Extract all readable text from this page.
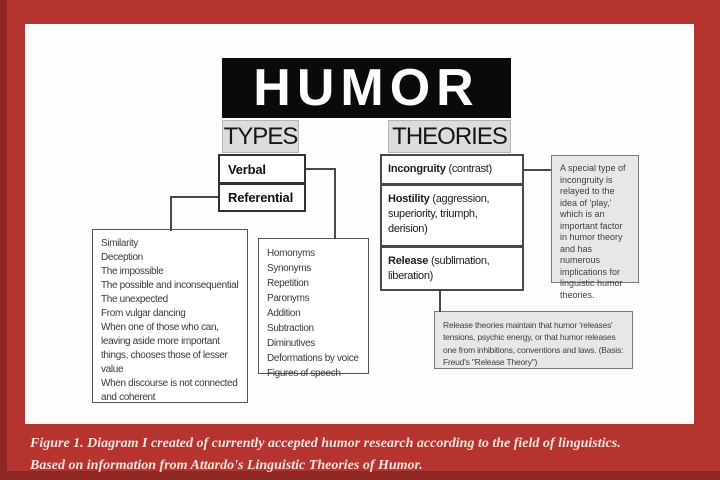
HUMOR
TYPES	THEORIES
Verbal
Referential
Incongruity (contrast)
Hostility (aggression, superiority, triumph, derision)
Release (sublimation, liberation)
Similarity
Deception
The impossible
The possible and inconsequential
The unexpected
From vulgar dancing
When one of those who can, leaving aside more important things, chooses those of lesser value
When discourse is not connected and coherent
Homonyms
Synonyms
Repetition
Paronyms
Addition
Subtraction
Diminutives
Deformations by voice
Figures of speech
A special type of incongruity is relayed to the idea of 'play,' which is an important factor in humor theory and has numerous implications for linguistic humor theories.
Release theories maintain that humor 'releases' tensions, psychic energy, or that humor releases one from inhibitions, conventions and laws. (Basis: Freud's "Release Theory")
Figure 1. Diagram I created of currently accepted humor research according to the field of linguistics.
Based on information from Attardo's Linguistic Theories of Humor.
